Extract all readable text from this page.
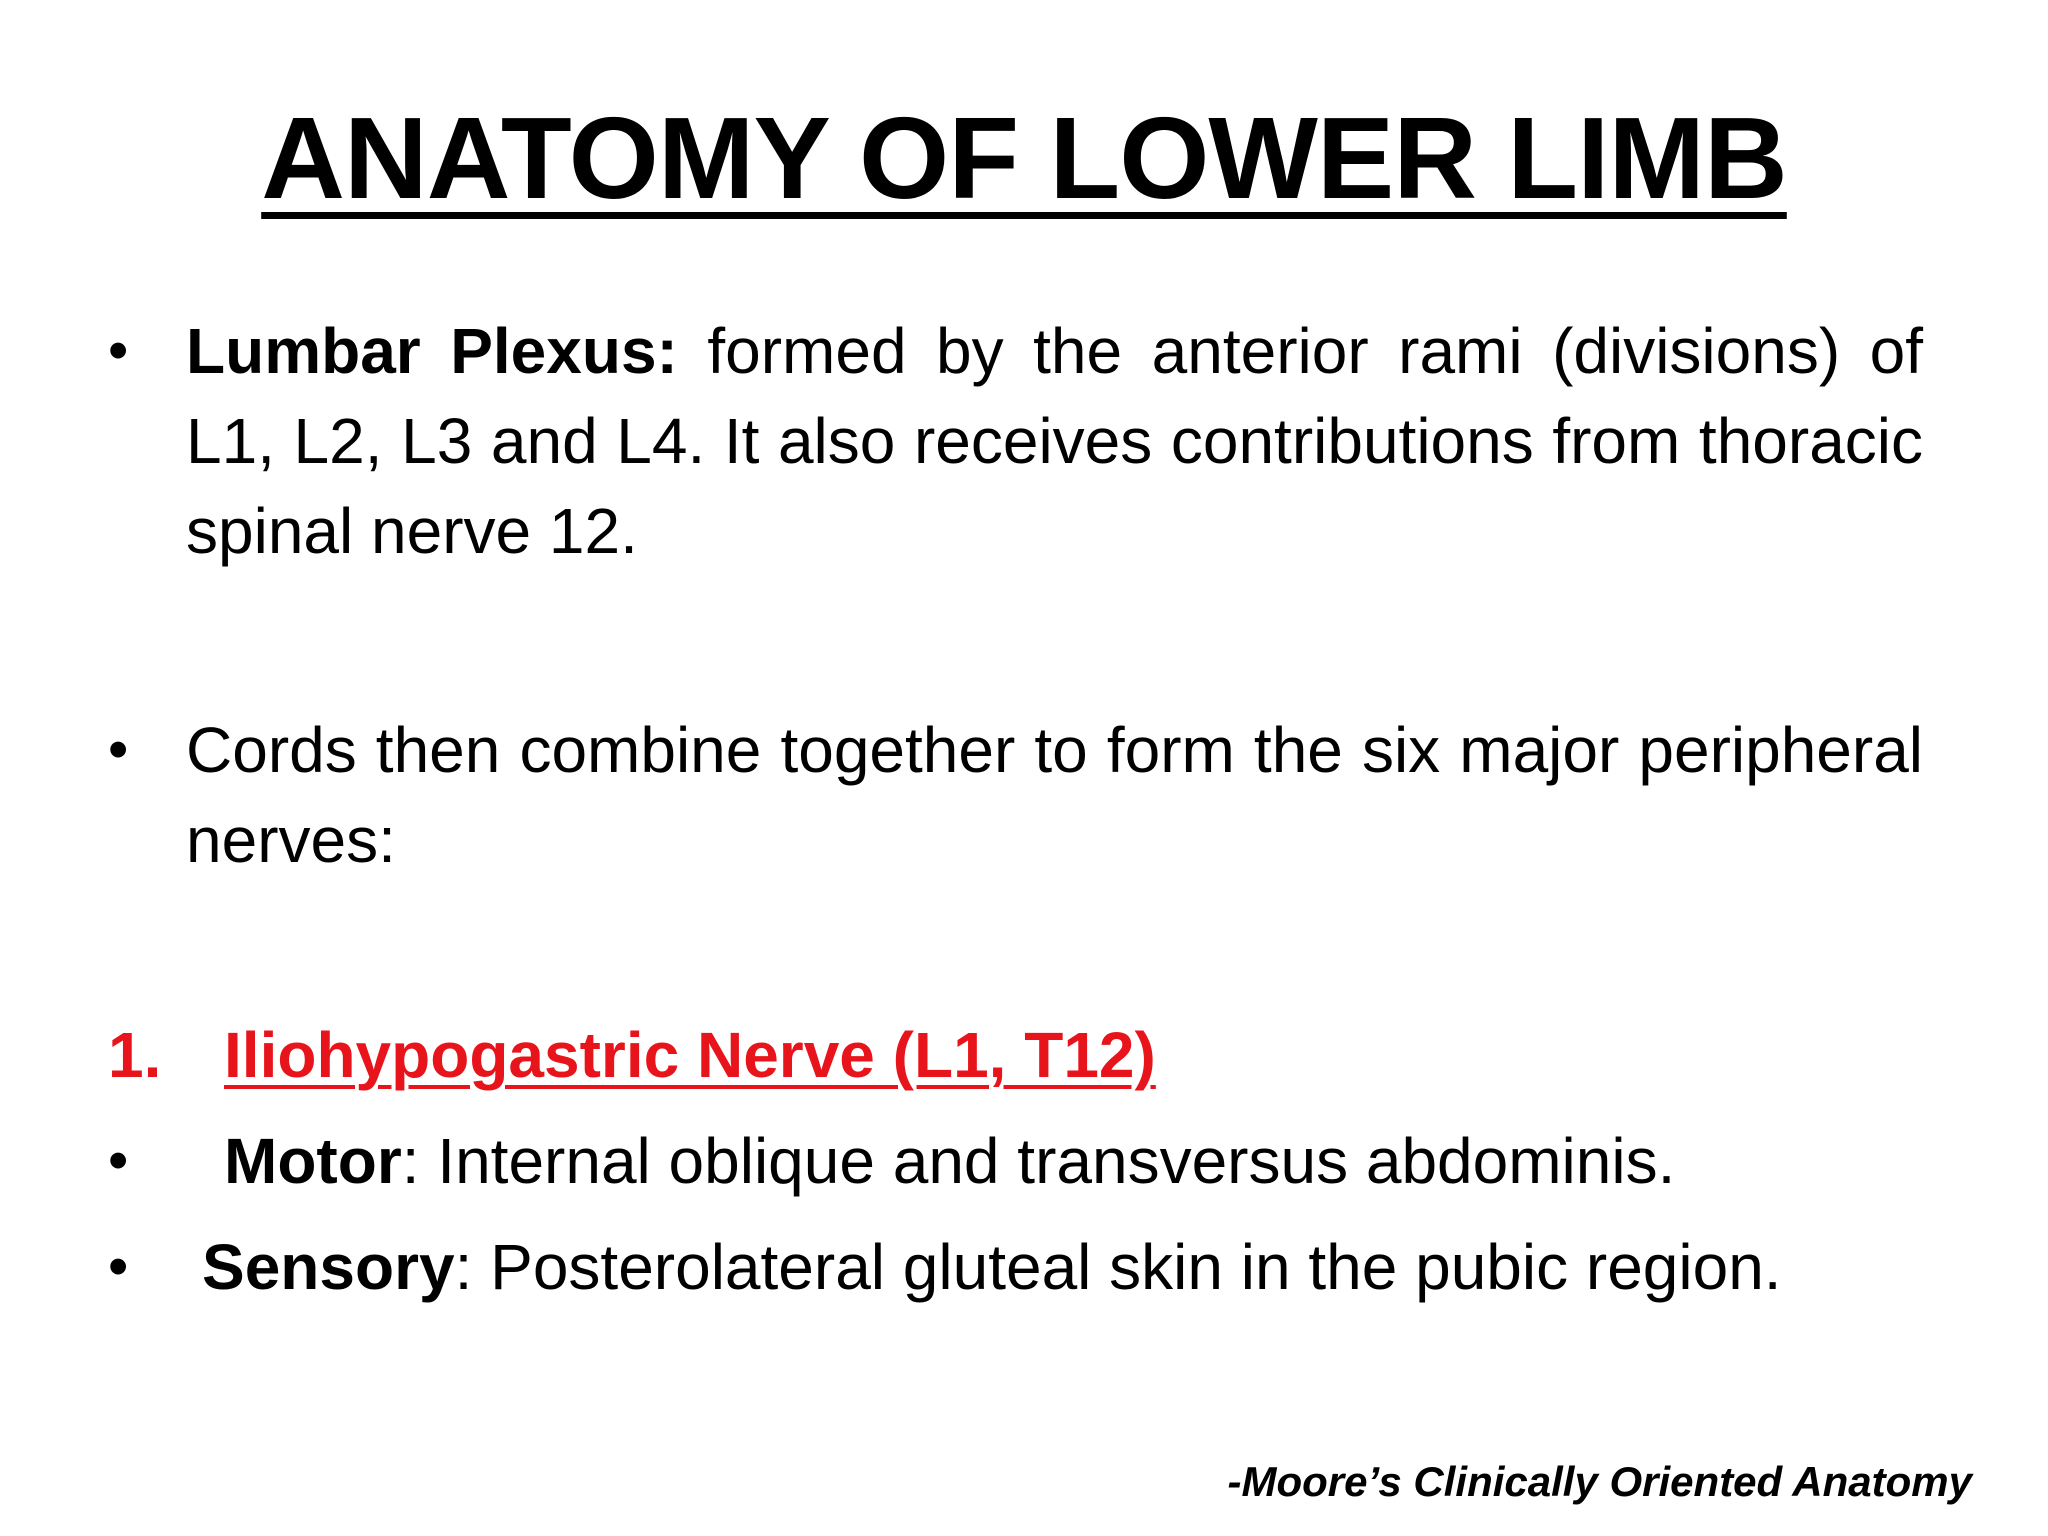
ANATOMY OF LOWER LIMB
• Lumbar Plexus: formed by the anterior rami (divisions) of L1, L2, L3 and L4. It also receives contributions from thoracic spinal nerve 12.
• Cords then combine together to form the six major peripheral nerves:
1. Iliohypogastric Nerve (L1, T12)
• Motor: Internal oblique and transversus abdominis.
• Sensory: Posterolateral gluteal skin in the pubic region.
-Moore’s Clinically Oriented Anatomy
